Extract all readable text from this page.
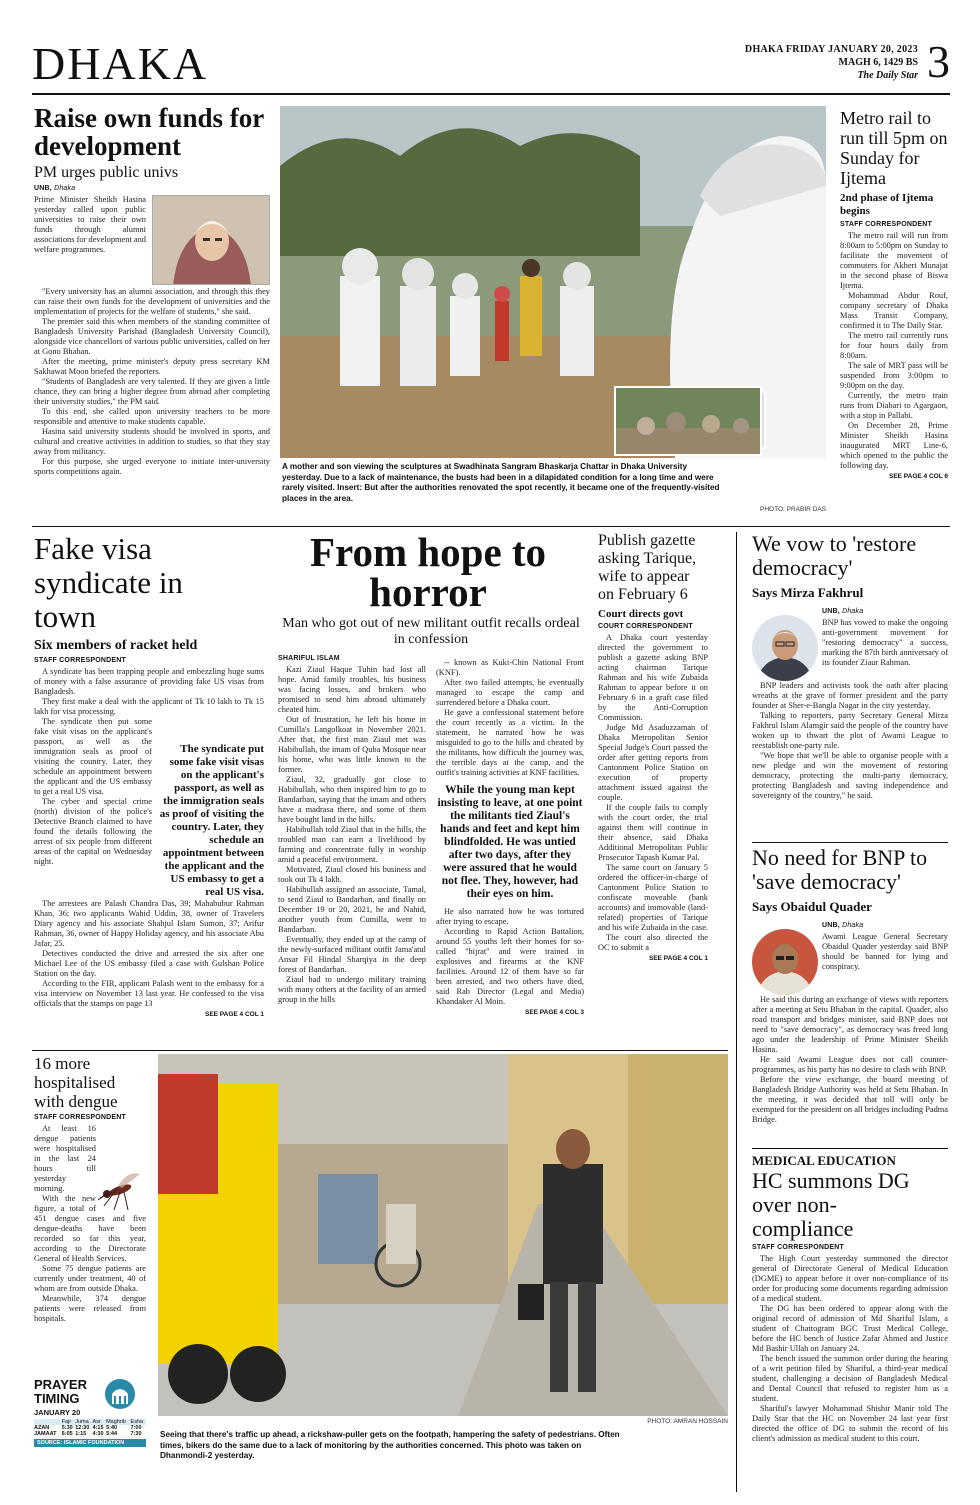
DHAKA	DHAKA FRIDAY JANUARY 20, 2023
MAGH 6, 1429 BS
The Daily Star 3
Raise own funds for development
PM urges public univs
UNB, Dhaka
Prime Minister Sheikh Hasina yesterday called upon public universities to raise their own funds through alumni associations for development and welfare programmes.

"Every university has an alumni association, and through this they can raise their own funds for the development of universities and the implementation of projects for the welfare of students," she said.

The premier said this when members of the standing committee of Bangladesh University Parishad (Bangladesh University Council), alongside vice chancellors of various public universities, called on her at Gono Bhaban.

After the meeting, prime minister's deputy press secretary KM Sakhawat Moon briefed the reporters.

"Students of Bangladesh are very talented. If they are given a little chance, they can bring a higher degree from abroad after completing their university studies," the PM said.

To this end, she called upon university teachers to be more responsible and attentive to make students capable.

Hasina said university students should be involved in sports, and cultural and creative activities in addition to studies, so that they stay away from militancy.

For this purpose, she urged everyone to initiate inter-university sports competitions again.

A mother and son viewing the sculptures at Swadhinata Sangram Bhaskarja Chattar in Dhaka University yesterday. Due to a lack of maintenance, the busts had been in a dilapidated condition for a long time and were rarely visited. Insert: But after the authorities renovated the spot recently, it became one of the frequently-visited places in the area.
PHOTO: PRABIR DAS
Metro rail to run till 5pm on Sunday for Ijtema
2nd phase of Ijtema begins
STAFF CORRESPONDENT

The metro rail will run from 8:00am to 5:00pm on Sunday to facilitate the movement of commuters for Akheri Munajat in the second phase of Biswa Ijtema.

Mohammad Abdur Rouf, company secretary of Dhaka Mass Transit Company, confirmed it to The Daily Star.

The metro rail currently runs for four hours daily from 8:00am.

The sale of MRT pass will be suspended from 3:00pm to 9:00pm on the day.

Currently, the metro train runs from Diabari to Agargaon, with a stop in Pallabi.

On December 28, Prime Minister Sheikh Hasina inaugurated MRT Line-6, which opened to the public the following day.

SEE PAGE 4 COL 6
Fake visa syndicate in town
Six members of racket held
STAFF CORRESPONDENT

A syndicate has been trapping people and embezzling huge sums of money with a false assurance of providing fake US visas from Bangladesh.

They first make a deal with the applicant of Tk 10 lakh to Tk 15 lakh for visa processing.

The syndicate then put some fake visit visas on the applicant's passport, as well as the immigration seals as proof of visiting the country. Later, they schedule an appointment between the applicant and the US embassy to get a real US visa.

The cyber and special crime (north) division of the police's Detective Branch claimed to have found the details following the arrest of six people from different areas of the capital on Wednesday night.

The syndicate put some fake visit visas on the applicant's passport, as well as the immigration seals as proof of visiting the country. Later, they schedule an appointment between the applicant and the US embassy to get a real US visa.

The arrestees are Palash Chandra Das, 39; Mahabubur Rahman Khan, 36; two applicants Wahid Uddin, 38, owner of Travelers Diary agency and his associate Shahjul Islam Sumon, 37; Arifur Rahman, 36, owner of Happy Holiday agency, and his associate Abu Jafar, 25.

Detectives conducted the drive and arrested the six after one Michael Lee of the US embassy filed a case with Gulshan Police Station on the day.

According to the FIR, applicant Palash went to the embassy for a visa interview on November 13 last year. He confessed to the visa officials that the stamps on page 13

SEE PAGE 4 COL 1
From hope to horror
Man who got out of new militant outfit recalls ordeal in confession
SHARIFUL ISLAM

Kazi Ziaul Haque Tuhin had lost all hope. Amid family troubles, his business was facing losses, and brokers who promised to send him abroad ultimately cheated him.

Out of frustration, he left his home in Cumilla's Langolkoat in November 2021. After that, the first man Ziaul met was Habibullah, the imam of Quba Mosque near his home, who was little known to the former.

Ziaul, 32, gradually got close to Habibullah, who then inspired him to go to Bandarban, saying that the imam and others have a madrasa there, and some of them have bought land in the hills.

Habibullah told Ziaul that in the hills, the troubled man can earn a livelihood by farming and concentrate fully in worship amid a peaceful environment.

Motivated, Ziaul closed his business and took out Tk 4 lakh.

Habibullah assigned an associate, Tamal, to send Ziaul to Bandarban, and finally on December 19 or 20, 2021, he and Nahid, another youth from Cumilla, went to Bandarban.

Eventually, they ended up at the camp of the newly-surfaced militant outfit Jama'atul Ansar Fil Hindal Sharqiya in the deep forest of Bandarban.

Ziaul had to undergo military training with many others at the facility of an armed group in the hills

-- known as Kuki-Chin National Front (KNF).

After two failed attempts, he eventually managed to escape the camp and surrendered before a Dhaka court.

He gave a confessional statement before the court recently as a victim. In the statement, he narrated how he was misguided to go to the hills and cheated by the militants, how difficult the journey was, the terrible days at the camp, and the outfit's training activities at KNF facilities.

While the young man kept insisting to leave, at one point the militants tied Ziaul's hands and feet and kept him blindfolded. He was untied after two days, after they were assured that he would not flee. They, however, had their eyes on him.

He also narrated how he was tortured after trying to escape.

According to Rapid Action Battalion, around 55 youths left their homes for so-called "hijrat" and were trained in explosives and firearms at the KNF facilities. Around 12 of them have so far been arrested, and two others have died, said Rab Director (Legal and Media) Khandaker Al Moin.

SEE PAGE 4 COL 3
Publish gazette asking Tarique, wife to appear on February 6
Court directs govt
COURT CORRESPONDENT

A Dhaka court yesterday directed the government to publish a gazette asking BNP acting chairman Tarique Rahman and his wife Zubaida Rahman to appear before it on February 6 in a graft case filed by the Anti-Corruption Commission.

Judge Md Asaduzzaman of Dhaka Metropolitan Senior Special Judge's Court passed the order after getting reports from Cantonment Police Station on execution of property attachment issued against the couple.

If the couple fails to comply with the court order, the trial against them will continue in their absence, said Dhaka Additional Metropolitan Public Prosecutor Tapash Kumar Pal.

The same court on January 5 ordered the officer-in-charge of Cantonment Police Station to confiscate moveable (bank accounts) and immovable (land-related) properties of Tarique and his wife Zubaida in the case.

The court also directed the OC to submit a

SEE PAGE 4 COL 1
We vow to 'restore democracy'
Says Mirza Fakhrul
UNB, Dhaka
BNP has vowed to make the ongoing anti-government movement for "restoring democracy" a success, marking the 87th birth anniversary of its founder Ziaur Rahman.

BNP leaders and activists took the oath after placing wreaths at the grave of former president and the party founder at Sher-e-Bangla Nagar in the city yesterday.

Talking to reporters, party Secretary General Mirza Fakhrul Islam Alamgir said the people of the country have woken up to thwart the plot of Awami League to reestablish one-party rule.

"We hope that we'll be able to organise people with a new pledge and win the movement of restoring democracy, protecting the multi-party democracy, protecting Bangladesh and saving independence and sovereignty of the country," he said.

No need for BNP to 'save democracy'
Says Obaidul Quader
UNB, Dhaka
Awami League General Secretary Obaidul Quader yesterday said BNP should be banned for lying and conspiracy.

He said this during an exchange of views with reporters after a meeting at Setu Bhaban in the capital. Quader, also road transport and bridges minister, said BNP does not need to "save democracy", as democracy was freed long ago under the leadership of Prime Minister Sheikh Hasina.

He said Awami League does not call counter-programmes, as his party has no desire to clash with BNP.

Before the view exchange, the board meeting of Bangladesh Bridge Authority was held at Setu Bhaban. In the meeting, it was decided that toll will only be exempted for the president on all bridges including Padma Bridge.

16 more hospitalised with dengue
STAFF CORRESPONDENT

At least 16 dengue patients were hospitalised in the last 24 hours till yesterday morning.

With the new figure, a total of 451 dengue cases and five dengue-deaths have been recorded so far this year, according to the Directorate General of Health Services.

Some 75 dengue patients are currently under treatment, 40 of whom are from outside Dhaka.

Meanwhile, 374 dengue patients were released from hospitals.

PRAYER
TIMING
JANUARY 20
	Fajr	Juma	Asr	Maghrib	Esha
AZAN	5:30	12:30	4:15	5:40	7:00
JAMAAT	6:05	1:15	4:30	5:44	7:30
SOURCE: ISLAMIC FOUNDATION
PHOTO: AMRAN HOSSAIN
Seeing that there's traffic up ahead, a rickshaw-puller gets on the footpath, hampering the safety of pedestrians. Often times, bikers do the same due to a lack of monitoring by the authorities concerned. This photo was taken on Dhanmondi-2 yesterday.
MEDICAL EDUCATION
HC summons DG over non-compliance
STAFF CORRESPONDENT

The High Court yesterday summoned the director general of Directorate General of Medical Education (DGME) to appear before it over non-compliance of its order for producing some documents regarding admission of a medical student.

The DG has been ordered to appear along with the original record of admission of Md Shariful Islam, a student of Chattogram BGC Trust Medical College, before the HC bench of Justice Zafar Ahmed and Justice Md Bashir Ullah on January 24.

The bench issued the summon order during the hearing of a writ petition filed by Shariful, a third-year medical student, challenging a decision of Bangladesh Medical and Dental Council that refused to register him as a student.

Shariful's lawyer Mohammad Shishir Manir told The Daily Star that the HC on November 24 last year first directed the office of DG to submit the record of his client's admission as medical student to this court.
